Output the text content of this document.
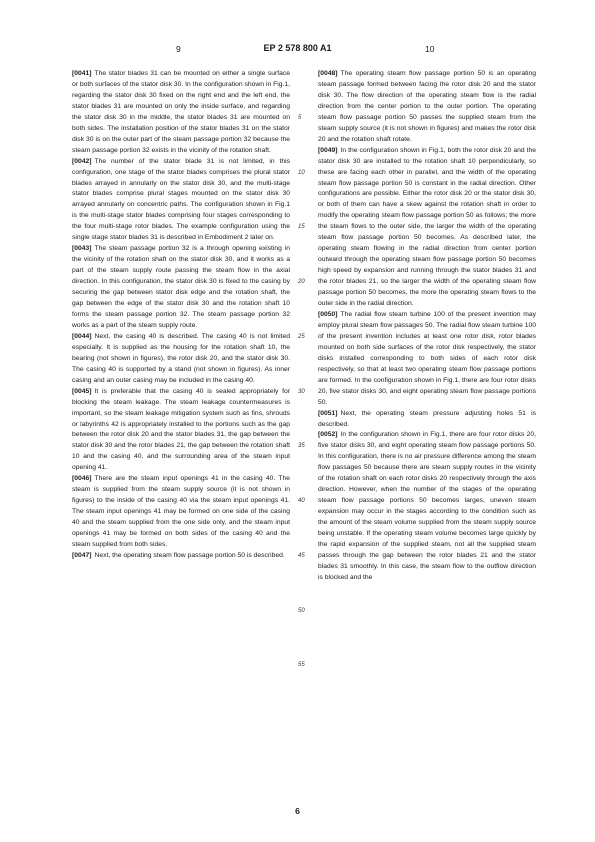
9	EP 2 578 800 A1	10

[0041] The stator blades 31 can be mounted on either a single surface or both surfaces of the stator disk 30. In the configuration shown in Fig.1, regarding the stator disk 30 fixed on the right end and the left end, the stator blades 31 are mounted on only the inside surface, and regarding the stator disk 30 in the middle, the stator blades 31 are mounted on both sides. The installation position of the stator blades 31 on the stator disk 30 is on the outer part of the steam passage portion 32 because the steam passage portion 32 exists in the vicinity of the rotation shaft.

[0042] The number of the stator blade 31 is not limited, in this configuration, one stage of the stator blades comprises the plural stator blades arrayed in annularly on the stator disk 30, and the multi-stage stator blades comprise plural stages mounted on the stator disk 30 arrayed annularly on concentric paths. The configuration shown in Fig.1 is the multi-stage stator blades comprising four stages corresponding to the four multi-stage rotor blades. The example configuration using the single stage stator blades 31 is described in Embodiment 2 later on.

[0043] The steam passage portion 32 is a through opening existing in the vicinity of the rotation shaft on the stator disk 30, and it works as a part of the steam supply route passing the steam flow in the axial direction. In this configuration, the stator disk 30 is fixed to the casing by securing the gap between stator disk edge and the rotation shaft, the gap between the edge of the stator disk 30 and the rotation shaft 10 forms the steam passage portion 32. The steam passage portion 32 works as a part of the steam supply route.

[0044] Next, the casing 40 is described. The casing 40 is not limited especially. It is supplied as the housing for the rotation shaft 10, the bearing (not shown in figures), the rotor disk 20, and the stator disk 30. The casing 40 is supported by a stand (not shown in figures). As inner casing and an outer casing may be included in the casing 40.

[0045] It is preferable that the casing 40 is sealed appropriately for blocking the steam leakage. The steam leakage countermeasures is important, so the steam leakage mitigation system such as fins, shrouds or labyrinths 42 is appropriately installed to the portions such as the gap between the rotor disk 20 and the stator blades 31, the gap between the stator disk 30 and the rotor blades 21, the gap between the rotation shaft 10 and the casing 40, and the surrounding area of the steam input opening 41.

[0046] There are the steam input openings 41 in the casing 40. The steam is supplied from the steam supply source (it is not shown in figures) to the inside of the casing 40 via the steam input openings 41. The steam input openings 41 may be formed on one side of the casing 40 and the steam supplied from the one side only, and the steam input openings 41 may be formed on both sides of the casing 40 and the steam supplied from both sides.

[0047] Next, the operating steam flow passage portion 50 is described.

5
10
15
20
25
30
35
40
45
50
55

[0048] The operating steam flow passage portion 50 is an operating steam passage formed between facing the rotor disk 20 and the stator disk 30. The flow direction of the operating steam flow is the radial direction from the center portion to the outer portion. The operating steam flow passage portion 50 passes the supplied steam from the steam supply source (it is not shown in figures) and makes the rotor disk 20 and the rotation shaft rotate.

[0049] In the configuration shown in Fig.1, both the rotor disk 20 and the stator disk 30 are installed to the rotation shaft 10 perpendicularly, so these are facing each other in parallel, and the width of the operating steam flow passage portion 50 is constant in the radial direction. Other configurations are possible. Either the rotor disk 20 or the stator disk 30, or both of them can have a skew against the rotation shaft in order to modify the operating steam flow passage portion 50 as follows; the more the steam flows to the outer side, the larger the width of the operating steam flow passage portion 50 becomes. As described later, the operating steam flowing in the radial direction from center portion outward through the operating steam flow passage portion 50 becomes high speed by expansion and running through the stator blades 31 and the rotor blades 21, so the larger the width of the operating steam flow passage portion 50 becomes, the more the operating steam flows to the outer side in the radial direction.

[0050] The radial flow steam turbine 100 of the present invention may employ plural steam flow passages 50. The radial flow steam turbine 100 of the present invention includes at least one rotor disk, rotor blades mounted on both side surfaces of the rotor disk respectively, the stator disks installed corresponding to both sides of each rotor disk respectively, so that at least two operating steam flow passage portions are formed. In the configuration shown in Fig.1, there are four rotor disks 20, five stator disks 30, and eight operating steam flow passage portions 50.

[0051] Next, the operating steam pressure adjusting holes 51 is described.

[0052] In the configuration shown in Fig.1, there are four rotor disks 20, five stator disks 30, and eight operating steam flow passage portions 50. In this configuration, there is no air pressure difference among the steam flow passages 50 because there are steam supply routes in the vicinity of the rotation shaft on each rotor disks 20 respectively through the axis direction. However, when the number of the stages of the operating steam flow passage portions 50 becomes larges, uneven steam expansion may occur in the stages according to the condition such as the amount of the steam volume supplied from the steam supply source being unstable. If the operating steam volume becomes large quickly by the rapid expansion of the supplied steam, not all the supplied steam passes through the gap between the rotor blades 21 and the stator blades 31 smoothly. In this case, the steam flow to the outflow direction is blocked and the

6
